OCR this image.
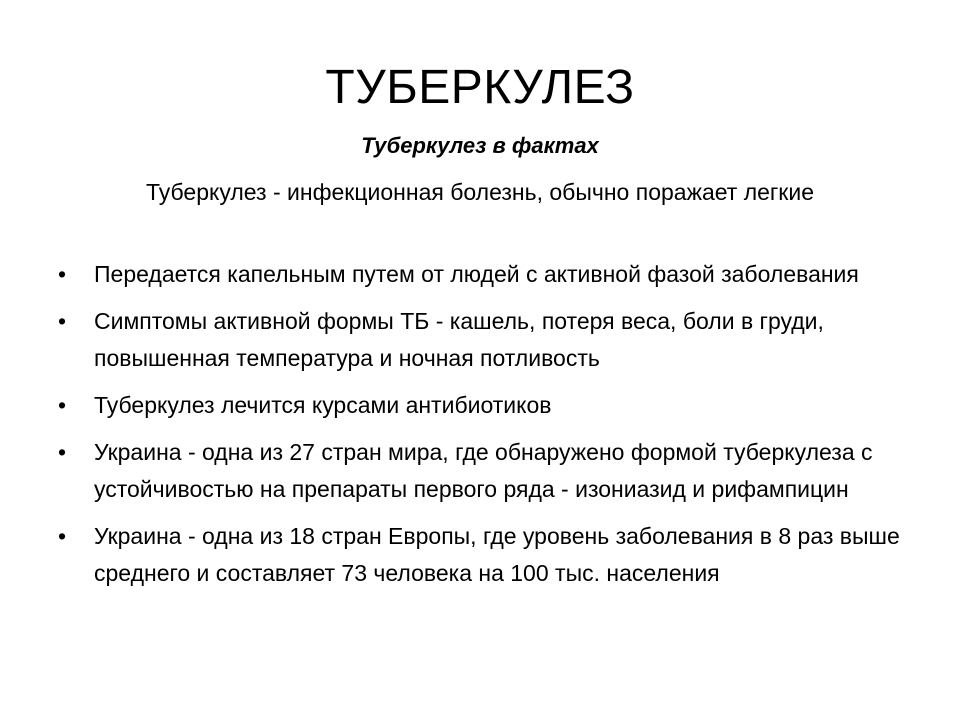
ТУБЕРКУЛЕЗ
Туберкулез в фактах
Туберкулез - инфекционная болезнь, обычно поражает легкие
• Передается капельным путем от людей с активной фазой заболевания
• Симптомы активной формы ТБ - кашель, потеря веса, боли в груди, повышенная температура и ночная потливость
• Туберкулез лечится курсами антибиотиков
• Украина - одна из 27 стран мира, где обнаружено формой туберкулеза с устойчивостью на препараты первого ряда - изониазид и рифампицин
• Украина - одна из 18 стран Европы, где уровень заболевания в 8 раз выше среднего и составляет 73 человека на 100 тыс. населения
